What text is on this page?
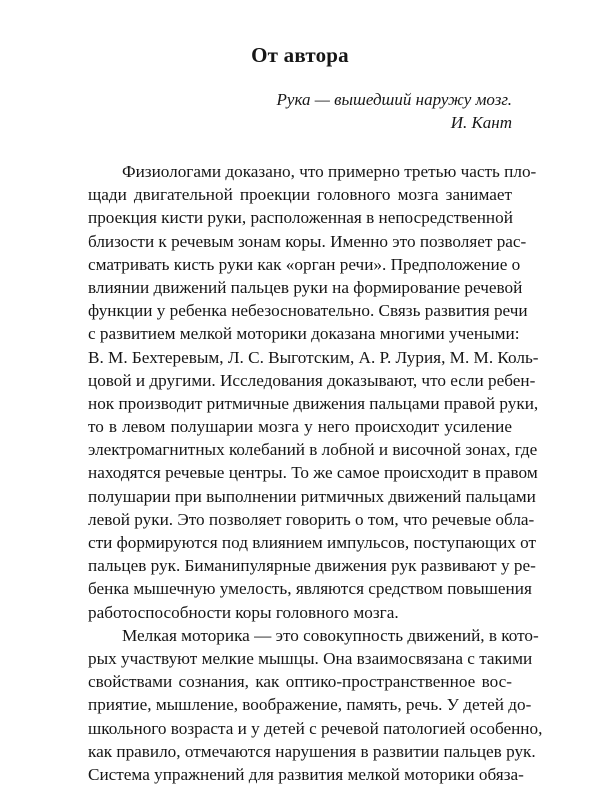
От автора
Рука — вышедший наружу мозг.
И. Кант
Физиологами доказано, что примерно третью часть пло-
щади двигательной проекции головного мозга занимает
проекция кисти руки, расположенная в непосредственной
близости к речевым зонам коры. Именно это позволяет рас-
сматривать кисть руки как «орган речи». Предположение о
влиянии движений пальцев руки на формирование речевой
функции у ребенка небезосновательно. Связь развития речи
с развитием мелкой моторики доказана многими учеными:
В. М. Бехтеревым, Л. С. Выготским, А. Р. Лурия, М. М. Коль-
цовой и другими. Исследования доказывают, что если ребен-
нок производит ритмичные движения пальцами правой руки,
то в левом полушарии мозга у него происходит усиление
электромагнитных колебаний в лобной и височной зонах, где
находятся речевые центры. То же самое происходит в правом
полушарии при выполнении ритмичных движений пальцами
левой руки. Это позволяет говорить о том, что речевые обла-
сти формируются под влиянием импульсов, поступающих от
пальцев рук. Биманипулярные движения рук развивают у ре-
бенка мышечную умелость, являются средством повышения
работоспособности коры головного мозга.
Мелкая моторика — это совокупность движений, в кото-
рых участвуют мелкие мышцы. Она взаимосвязана с такими
свойствами сознания, как оптико-пространственное вос-
приятие, мышление, воображение, память, речь. У детей до-
школьного возраста и у детей с речевой патологией особенно,
как правило, отмечаются нарушения в развитии пальцев рук.
Система упражнений для развития мелкой моторики обяза-
